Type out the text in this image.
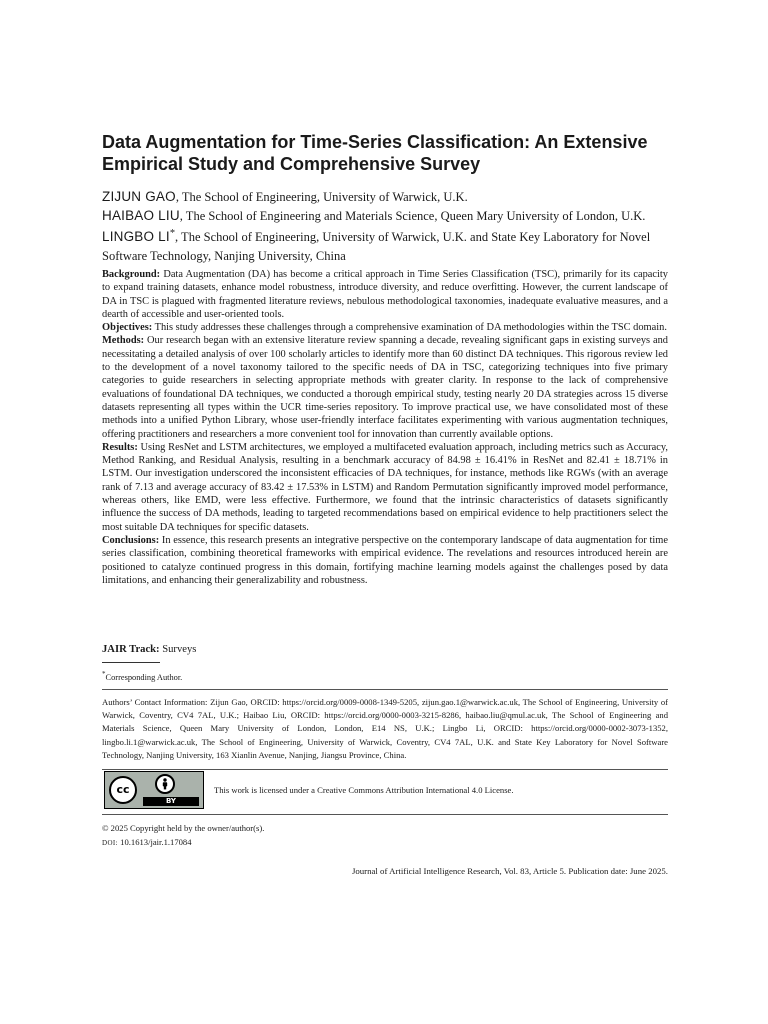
Data Augmentation for Time-Series Classification: An Extensive
Empirical Study and Comprehensive Survey

ZIJUN GAO, The School of Engineering, University of Warwick, U.K.

HAIBAO LIU, The School of Engineering and Materials Science, Queen Mary University of London, U.K.

LINGBO LI*, The School of Engineering, University of Warwick, U.K. and State Key Laboratory for Novel Software Technology, Nanjing University, China

Background: Data Augmentation (DA) has become a critical approach in Time Series Classification (TSC), primarily for its capacity to expand training datasets, enhance model robustness, introduce diversity, and reduce overfitting. However, the current landscape of DA in TSC is plagued with fragmented literature reviews, nebulous methodological taxonomies, inadequate evaluative measures, and a dearth of accessible and user-oriented tools.

Objectives: This study addresses these challenges through a comprehensive examination of DA methodologies within the TSC domain.

Methods: Our research began with an extensive literature review spanning a decade, revealing significant gaps in existing surveys and necessitating a detailed analysis of over 100 scholarly articles to identify more than 60 distinct DA techniques. This rigorous review led to the development of a novel taxonomy tailored to the specific needs of DA in TSC, categorizing techniques into five primary categories to guide researchers in selecting appropriate methods with greater clarity. In response to the lack of comprehensive evaluations of foundational DA techniques, we conducted a thorough empirical study, testing nearly 20 DA strategies across 15 diverse datasets representing all types within the UCR time-series repository. To improve practical use, we have consolidated most of these methods into a unified Python Library, whose user-friendly interface facilitates experimenting with various augmentation techniques, offering practitioners and researchers a more convenient tool for innovation than currently available options.

Results: Using ResNet and LSTM architectures, we employed a multifaceted evaluation approach, including metrics such as Accuracy, Method Ranking, and Residual Analysis, resulting in a benchmark accuracy of 84.98 ± 16.41% in ResNet and 82.41 ± 18.71% in LSTM. Our investigation underscored the inconsistent efficacies of DA techniques, for instance, methods like RGWs (with an average rank of 7.13 and average accuracy of 83.42 ± 17.53% in LSTM) and Random Permutation significantly improved model performance, whereas others, like EMD, were less effective. Furthermore, we found that the intrinsic characteristics of datasets significantly influence the success of DA methods, leading to targeted recommendations based on empirical evidence to help practitioners select the most suitable DA techniques for specific datasets.

Conclusions: In essence, this research presents an integrative perspective on the contemporary landscape of data augmentation for time series classification, combining theoretical frameworks with empirical evidence. The revelations and resources introduced herein are positioned to catalyze continued progress in this domain, fortifying machine learning models against the challenges posed by data limitations, and enhancing their generalizability and robustness.

JAIR Track: Surveys
*Corresponding Author.

Authors’ Contact Information: Zijun Gao, ORCID: https://orcid.org/0009-0008-1349-5205, zijun.gao.1@warwick.ac.uk, The School of Engineering, University of Warwick, Coventry, CV4 7AL, U.K.; Haibao Liu, ORCID: https://orcid.org/0000-0003-3215-8286, haibao.liu@qmul.ac.uk, The School of Engineering and Materials Science, Queen Mary University of London, London, E14 NS, U.K.; Lingbo Li, ORCID: https://orcid.org/0000-0002-3073-1352, lingbo.li.1@warwick.ac.uk, The School of Engineering, University of Warwick, Coventry, CV4 7AL, U.K. and State Key Laboratory for Novel Software Technology, Nanjing University, 163 Xianlin Avenue, Nanjing, Jiangsu Province, China.

cc
BY
This work is licensed under a Creative Commons Attribution International 4.0 License.
© 2025 Copyright held by the owner/author(s).
DOI: 10.1613/jair.1.17084
Journal of Artificial Intelligence Research, Vol. 83, Article 5. Publication date: June 2025.
